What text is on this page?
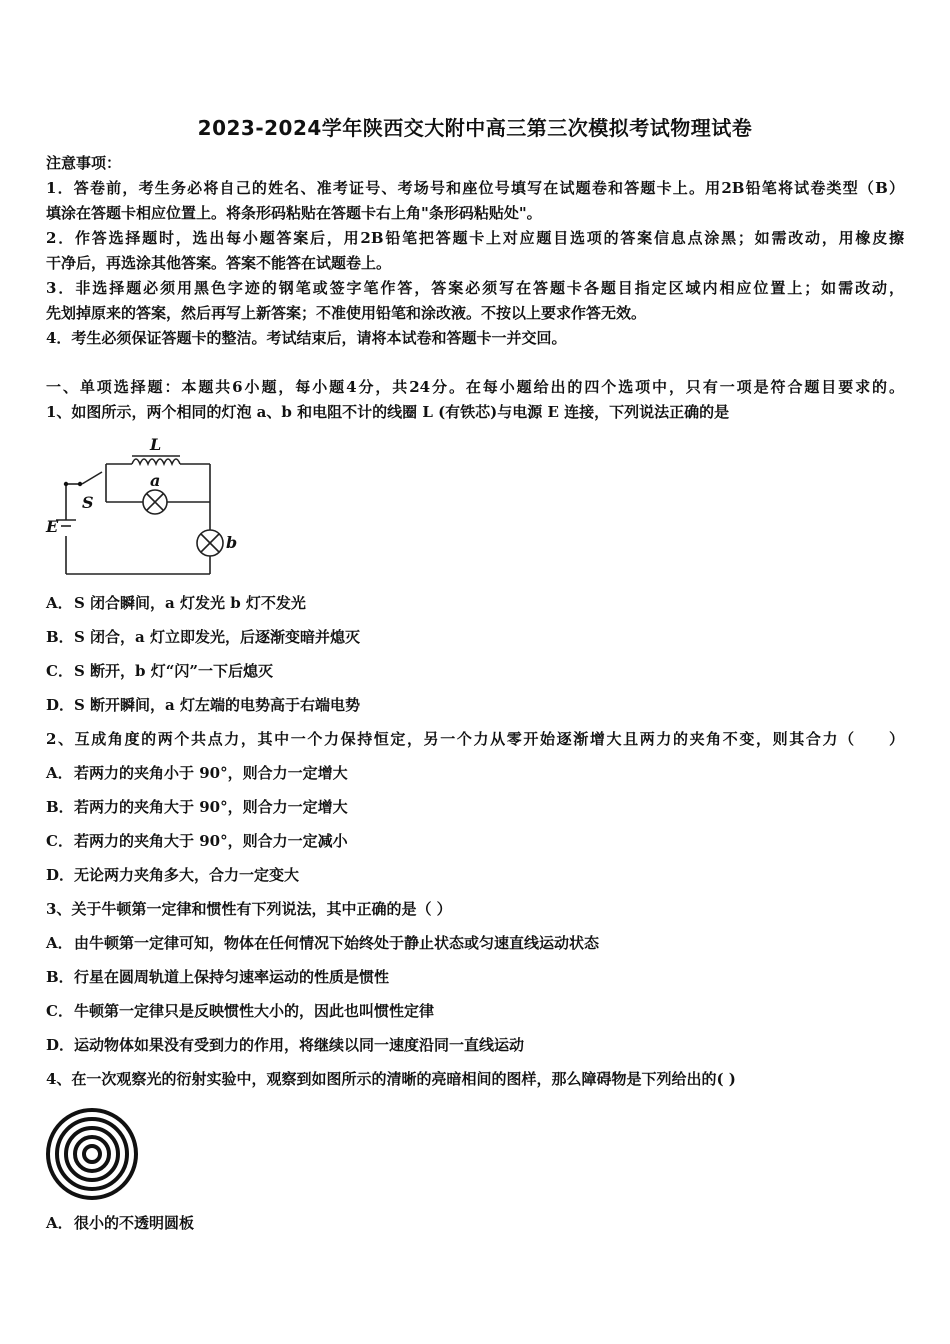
2023-2024学年陕西交大附中高三第三次模拟考试物理试卷
注意事项：
1．答卷前，考生务必将自己的姓名、准考证号、考场号和座位号填写在试题卷和答题卡上。用2B铅笔将试卷类型（B）
填涂在答题卡相应位置上。将条形码粘贴在答题卡右上角"条形码粘贴处"。
2．作答选择题时，选出每小题答案后，用2B铅笔把答题卡上对应题目选项的答案信息点涂黑；如需改动，用橡皮擦
干净后，再选涂其他答案。答案不能答在试题卷上。
3．非选择题必须用黑色字迹的钢笔或签字笔作答，答案必须写在答题卡各题目指定区域内相应位置上；如需改动，
先划掉原来的答案，然后再写上新答案；不准使用铅笔和涂改液。不按以上要求作答无效。
4．考生必须保证答题卡的整洁。考试结束后，请将本试卷和答题卡一并交回。
一、单项选择题：本题共6小题，每小题4分，共24分。在每小题给出的四个选项中，只有一项是符合题目要求的。
1、如图所示，两个相同的灯泡 a、b 和电阻不计的线圈 L (有铁芯)与电源 E 连接，下列说法正确的是
L
S
E
a
b
A．S 闭合瞬间，a 灯发光 b 灯不发光
B．S 闭合，a 灯立即发光，后逐渐变暗并熄灭
C．S 断开，b 灯“闪”一下后熄灭
D．S 断开瞬间，a 灯左端的电势高于右端电势
2、互成角度的两个共点力，其中一个力保持恒定，另一个力从零开始逐渐增大且两力的夹角不变，则其合力（　　）
A．若两力的夹角小于 90°，则合力一定增大
B．若两力的夹角大于 90°，则合力一定增大
C．若两力的夹角大于 90°，则合力一定减小
D．无论两力夹角多大，合力一定变大
3、关于牛顿第一定律和惯性有下列说法，其中正确的是（ ）
A．由牛顿第一定律可知，物体在任何情况下始终处于静止状态或匀速直线运动状态
B．行星在圆周轨道上保持匀速率运动的性质是惯性
C．牛顿第一定律只是反映惯性大小的，因此也叫惯性定律
D．运动物体如果没有受到力的作用，将继续以同一速度沿同一直线运动
4、在一次观察光的衍射实验中，观察到如图所示的清晰的亮暗相间的图样，那么障碍物是下列给出的( )
A．很小的不透明圆板
